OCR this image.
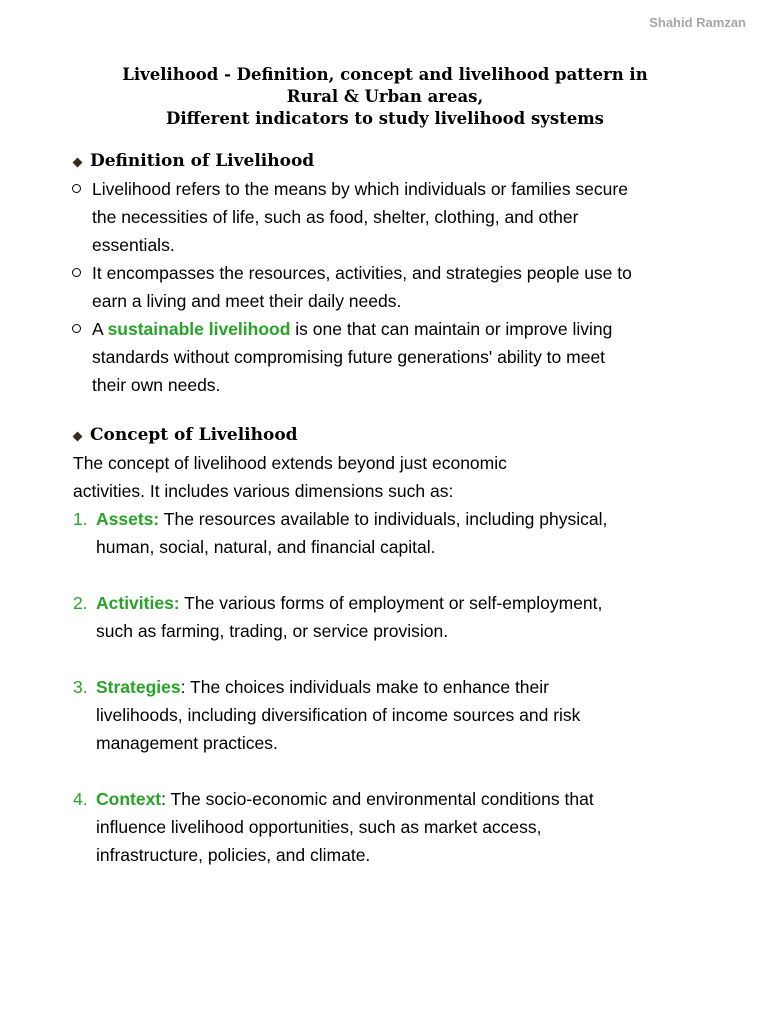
Shahid Ramzan
Livelihood - Definition, concept and livelihood pattern in
Rural & Urban areas,
Different indicators to study livelihood systems
Definition of Livelihood
Livelihood refers to the means by which individuals or families secure
the necessities of life, such as food, shelter, clothing, and other
essentials.
It encompasses the resources, activities, and strategies people use to
earn a living and meet their daily needs.
A sustainable livelihood is one that can maintain or improve living
standards without compromising future generations' ability to meet
their own needs.
Concept of Livelihood
The concept of livelihood extends beyond just economic
activities. It includes various dimensions such as:
1. Assets: The resources available to individuals, including physical,
human, social, natural, and financial capital.
2. Activities: The various forms of employment or self-employment,
such as farming, trading, or service provision.
3. Strategies: The choices individuals make to enhance their
livelihoods, including diversification of income sources and risk
management practices.
4. Context: The socio-economic and environmental conditions that
influence livelihood opportunities, such as market access,
infrastructure, policies, and climate.
